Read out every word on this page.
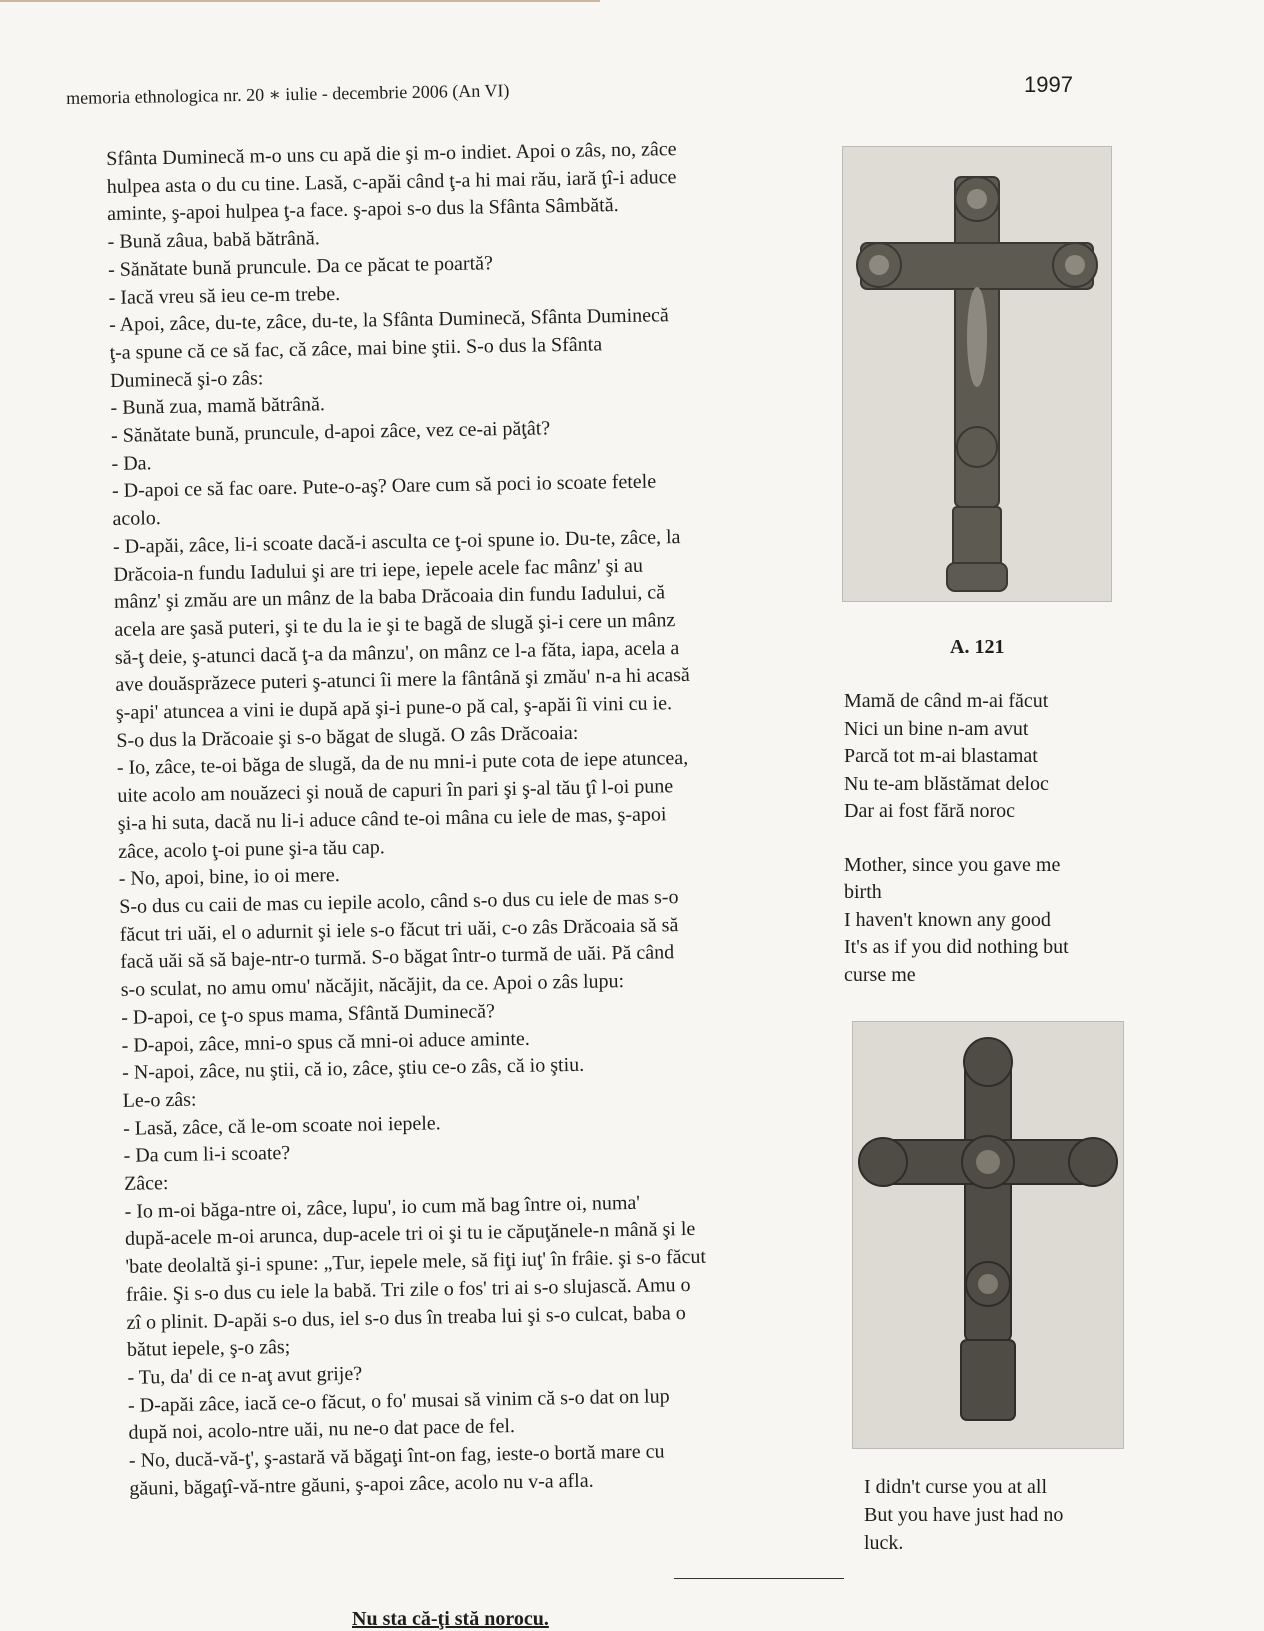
memoria ethnologica nr. 20 ∗ iulie - decembrie 2006 (An VI)	1997

Sfânta Duminecă m-o uns cu apă die şi m-o indiet. Apoi o zâs, no, zâce

hulpea asta o du cu tine. Lasă, c-apăi când ţ-a hi mai rău, iară ţî-i aduce

aminte, ş-apoi hulpea ţ-a face. ş-apoi s-o dus la Sfânta Sâmbătă.

- Bună zâua, babă bătrână.

- Sănătate bună pruncule. Da ce păcat te poartă?

- Iacă vreu să ieu ce-m trebe.

- Apoi, zâce, du-te, zâce, du-te, la Sfânta Duminecă, Sfânta Duminecă

ţ-a spune că ce să fac, că zâce, mai bine ştii. S-o dus la Sfânta

Duminecă şi-o zâs:

- Bună zua, mamă bătrână.

- Sănătate bună, pruncule, d-apoi zâce, vez ce-ai păţât?

- Da.

- D-apoi ce să fac oare. Pute-o-aş? Oare cum să poci io scoate fetele

acolo.

- D-apăi, zâce, li-i scoate dacă-i asculta ce ţ-oi spune io. Du-te, zâce, la

Drăcoia-n fundu Iadului şi are tri iepe, iepele acele fac mânz' şi au

mânz' şi zmău are un mânz de la baba Drăcoaia din fundu Iadului, că

acela are şasă puteri, şi te du la ie şi te bagă de slugă şi-i cere un mânz

să-ţ deie, ş-atunci dacă ţ-a da mânzu', on mânz ce l-a făta, iapa, acela a

ave douăsprăzece puteri ş-atunci îi mere la fântână şi zmău' n-a hi acasă

ş-api' atuncea a vini ie după apă şi-i pune-o pă cal, ş-apăi îi vini cu ie.

S-o dus la Drăcoaie şi s-o băgat de slugă. O zâs Drăcoaia:

- Io, zâce, te-oi băga de slugă, da de nu mni-i pute cota de iepe atuncea,

uite acolo am nouăzeci şi nouă de capuri în pari şi ş-al tău ţî l-oi pune

şi-a hi suta, dacă nu li-i aduce când te-oi mâna cu iele de mas, ş-apoi

zâce, acolo ţ-oi pune şi-a tău cap.

- No, apoi, bine, io oi mere.

S-o dus cu caii de mas cu iepile acolo, când s-o dus cu iele de mas s-o

făcut tri uăi, el o adurnit şi iele s-o făcut tri uăi, c-o zâs Drăcoaia să să

facă uăi să să baje-ntr-o turmă. S-o băgat într-o turmă de uăi. Pă când

s-o sculat, no amu omu' năcăjit, năcăjit, da ce. Apoi o zâs lupu:

- D-apoi, ce ţ-o spus mama, Sfântă Duminecă?

- D-apoi, zâce, mni-o spus că mni-oi aduce aminte.

- N-apoi, zâce, nu ştii, că io, zâce, ştiu ce-o zâs, că io ştiu.

Le-o zâs:

- Lasă, zâce, că le-om scoate noi iepele.

- Da cum li-i scoate?

Zâce:

- Io m-oi băga-ntre oi, zâce, lupu', io cum mă bag între oi, numa'

după-acele m-oi arunca, dup-acele tri oi şi tu ie căpuţănele-n mână şi le

'bate deolaltă şi-i spune: „Tur, iepele mele, să fiţi iuţ' în frâie. şi s-o făcut

frâie. Şi s-o dus cu iele la babă. Tri zile o fos' tri ai s-o slujască. Amu o

zî o plinit. D-apăi s-o dus, iel s-o dus în treaba lui şi s-o culcat, baba o

bătut iepele, ş-o zâs;

- Tu, da' di ce n-aţ avut grije?

- D-apăi zâce, iacă ce-o făcut, o fo' musai să vinim că s-o dat on lup

după noi, acolo-ntre uăi, nu ne-o dat pace de fel.

- No, ducă-vă-ţ', ş-astară vă băgaţi înt-on fag, ieste-o bortă mare cu

găuni, băgaţî-vă-ntre găuni, ş-apoi zâce, acolo nu v-a afla.

A. 121

Mamă de când m-ai făcut

Nici un bine n-am avut

Parcă tot m-ai blastamat

Nu te-am blăstămat deloc

Dar ai fost fără noroc

Mother, since you gave me

birth

I haven't known any good

It's as if you did nothing but

curse me

I didn't curse you at all

But you have just had no

luck.

Nu sta că-ţi stă norocu.
